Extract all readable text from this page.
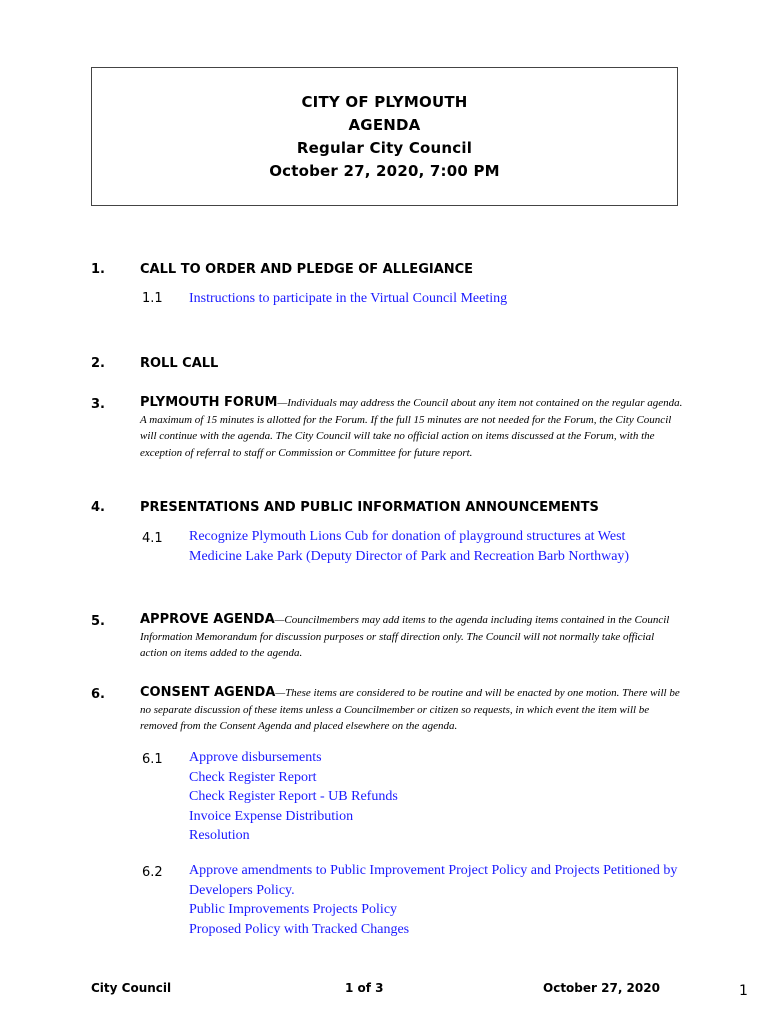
CITY OF PLYMOUTH
AGENDA
Regular City Council
October 27, 2020, 7:00 PM
1.	CALL TO ORDER AND PLEDGE OF ALLEGIANCE
1.1 Instructions to participate in the Virtual Council Meeting
2.	ROLL CALL
3.	PLYMOUTH FORUM—Individuals may address the Council about any item not contained on the regular agenda. A maximum of 15 minutes is allotted for the Forum. If the full 15 minutes are not needed for the Forum, the City Council will continue with the agenda. The City Council will take no official action on items discussed at the Forum, with the exception of referral to staff or Commission or Committee for future report.
4.	PRESENTATIONS AND PUBLIC INFORMATION ANNOUNCEMENTS
4.1 Recognize Plymouth Lions Cub for donation of playground structures at West Medicine Lake Park (Deputy Director of Park and Recreation Barb Northway)
5.	APPROVE AGENDA—Councilmembers may add items to the agenda including items contained in the Council Information Memorandum for discussion purposes or staff direction only. The Council will not normally take official action on items added to the agenda.
6.	CONSENT AGENDA—These items are considered to be routine and will be enacted by one motion. There will be no separate discussion of these items unless a Councilmember or citizen so requests, in which event the item will be removed from the Consent Agenda and placed elsewhere on the agenda.
6.1 Approve disbursements
Check Register Report
Check Register Report - UB Refunds
Invoice Expense Distribution
Resolution
6.2 Approve amendments to Public Improvement Project Policy and Projects Petitioned by Developers Policy.
Public Improvements Projects Policy
Proposed Policy with Tracked Changes
City Council	1 of 3	October 27, 2020	1
